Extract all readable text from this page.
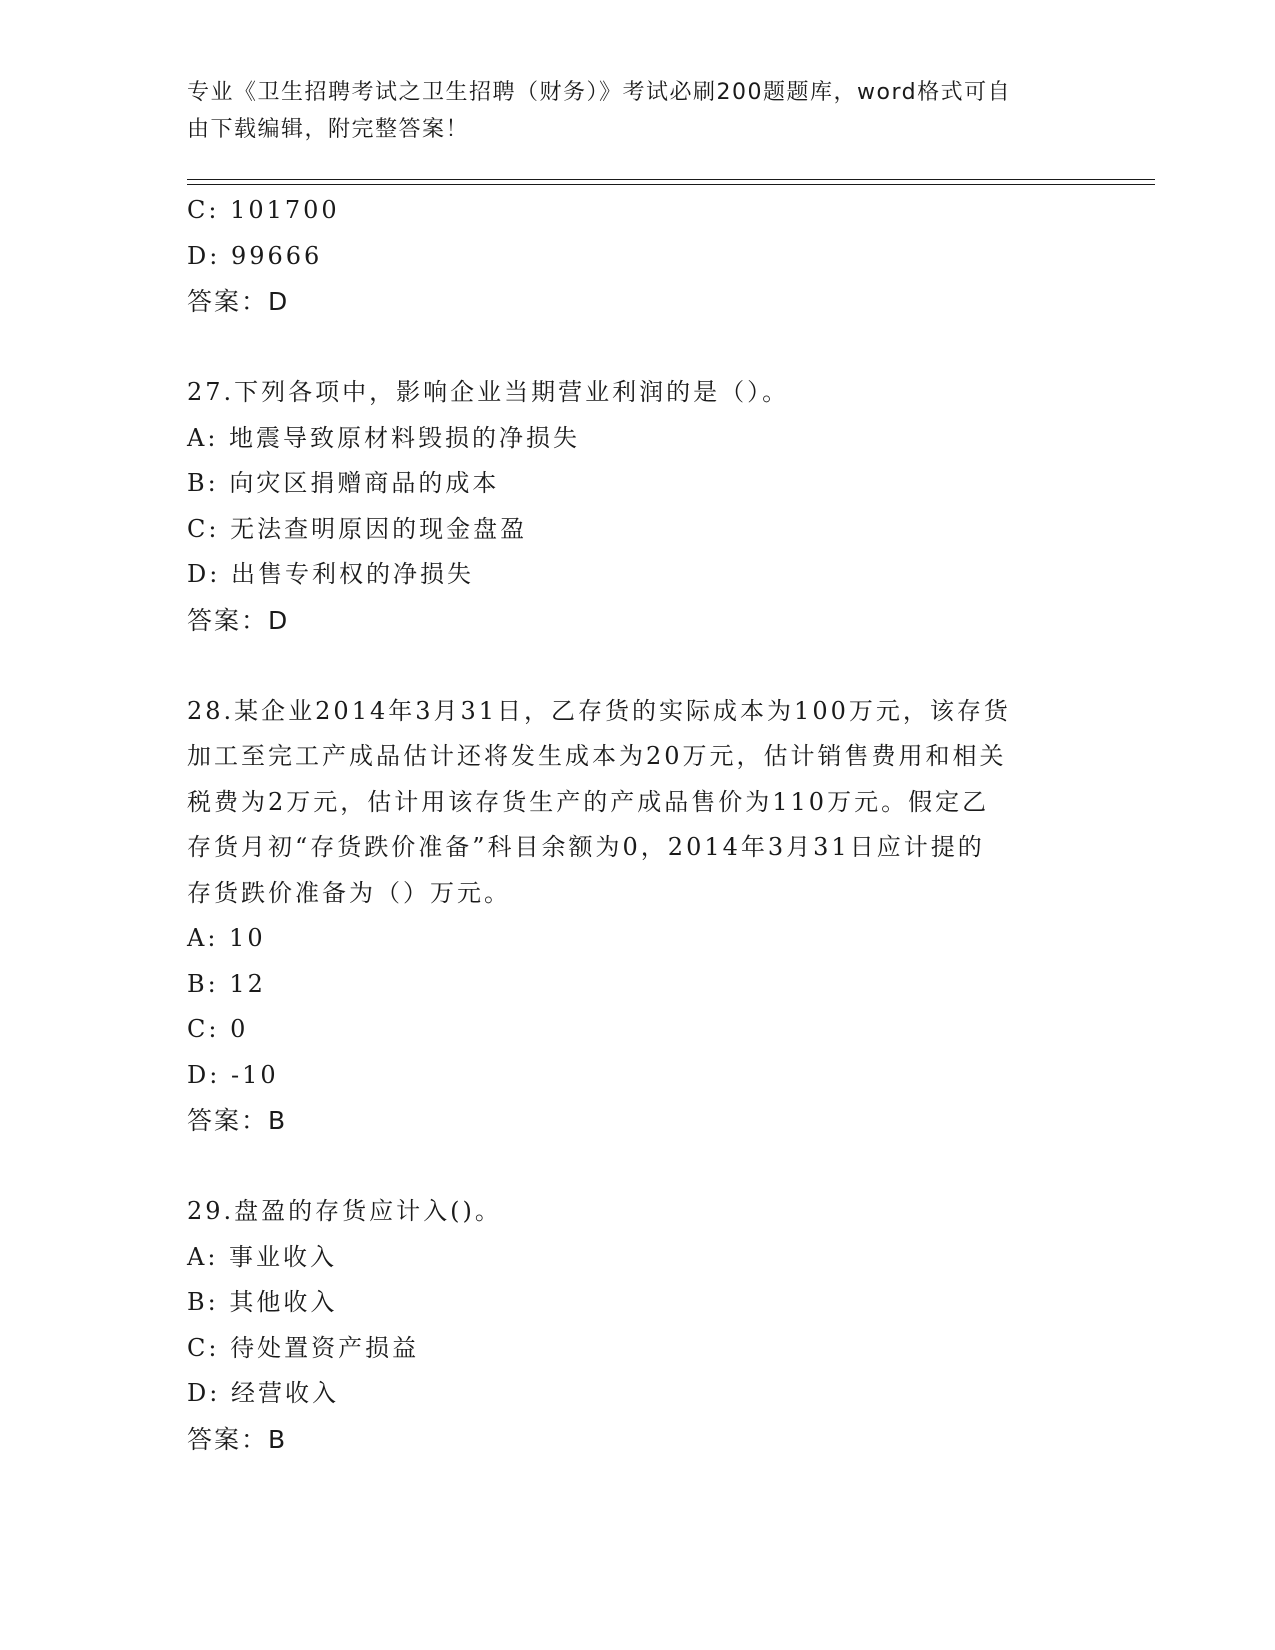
专业《卫生招聘考试之卫生招聘（财务）》考试必刷200题题库，word格式可自
由下载编辑，附完整答案！
C: 101700
D: 99666
答案：D
27.下列各项中，影响企业当期营业利润的是（）。
A: 地震导致原材料毁损的净损失
B: 向灾区捐赠商品的成本
C: 无法查明原因的现金盘盈
D: 出售专利权的净损失
答案：D
28.某企业2014年3月31日，乙存货的实际成本为100万元，该存货
加工至完工产成品估计还将发生成本为20万元，估计销售费用和相关
税费为2万元，估计用该存货生产的产成品售价为110万元。假定乙
存货月初“存货跌价准备”科目余额为0，2014年3月31日应计提的
存货跌价准备为（）万元。
A: 10
B: 12
C: 0
D: -10
答案：B
29.盘盈的存货应计入()。
A: 事业收入
B: 其他收入
C: 待处置资产损益
D: 经营收入
答案：B
